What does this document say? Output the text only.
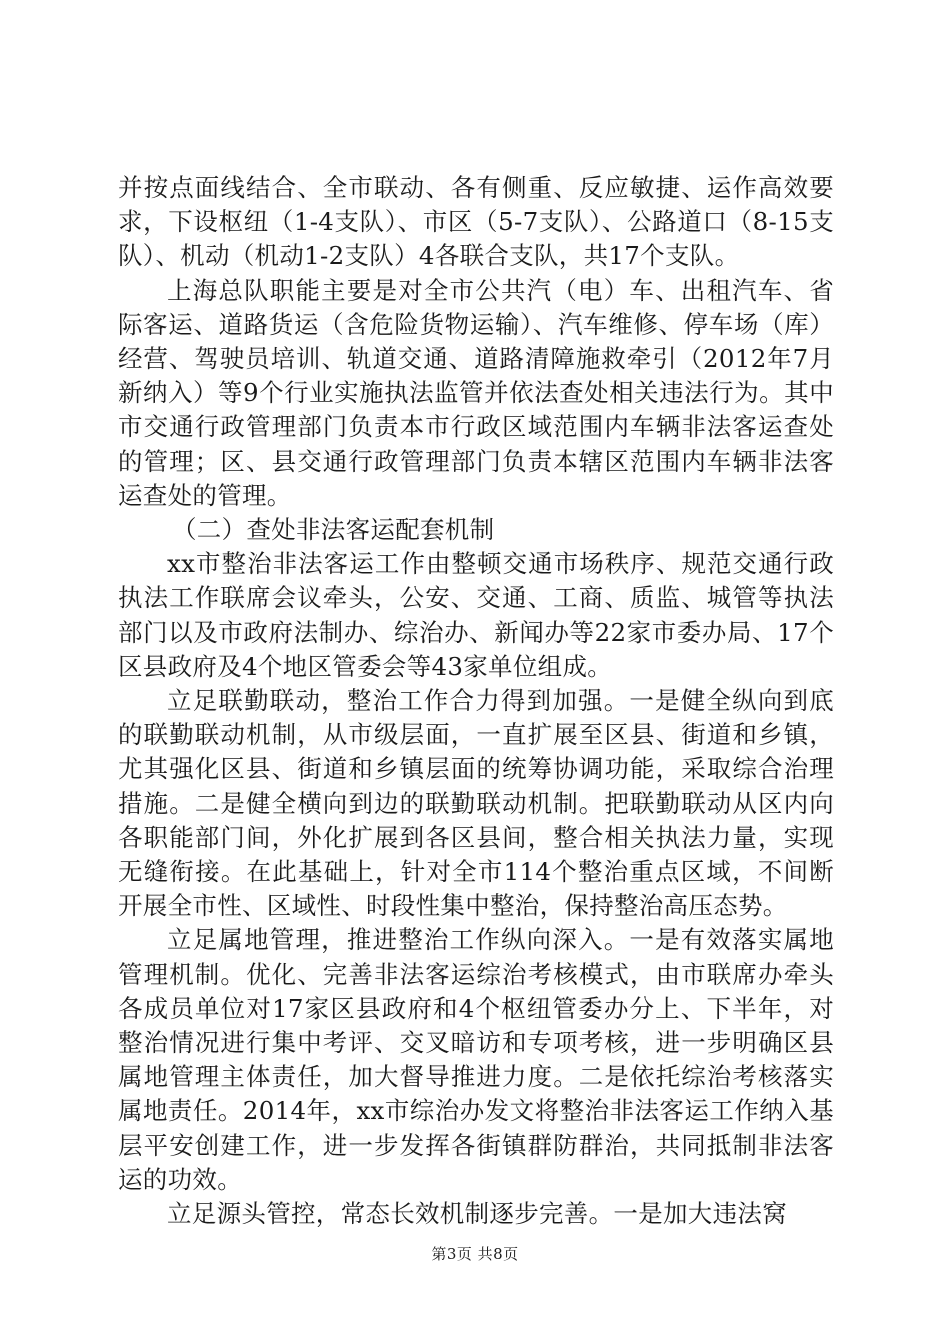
并按点面线结合、全市联动、各有侧重、反应敏捷、运作高效要求，下设枢纽（1-4支队）、市区（5-7支队）、公路道口（8-15支队）、机动（机动1-2支队）4各联合支队，共17个支队。

上海总队职能主要是对全市公共汽（电）车、出租汽车、省际客运、道路货运（含危险货物运输）、汽车维修、停车场（库）经营、驾驶员培训、轨道交通、道路清障施救牵引（2012年7月新纳入）等9个行业实施执法监管并依法查处相关违法行为。其中市交通行政管理部门负责本市行政区域范围内车辆非法客运查处的管理；区、县交通行政管理部门负责本辖区范围内车辆非法客运查处的管理。

（二）查处非法客运配套机制

xx市整治非法客运工作由整顿交通市场秩序、规范交通行政执法工作联席会议牵头，公安、交通、工商、质监、城管等执法部门以及市政府法制办、综治办、新闻办等22家市委办局、17个区县政府及4个地区管委会等43家单位组成。

立足联勤联动，整治工作合力得到加强。一是健全纵向到底的联勤联动机制，从市级层面，一直扩展至区县、街道和乡镇，尤其强化区县、街道和乡镇层面的统筹协调功能，采取综合治理措施。二是健全横向到边的联勤联动机制。把联勤联动从区内向各职能部门间，外化扩展到各区县间，整合相关执法力量，实现无缝衔接。在此基础上，针对全市114个整治重点区域，不间断开展全市性、区域性、时段性集中整治，保持整治高压态势。

立足属地管理，推进整治工作纵向深入。一是有效落实属地管理机制。优化、完善非法客运综治考核模式，由市联席办牵头各成员单位对17家区县政府和4个枢纽管委办分上、下半年，对整治情况进行集中考评、交叉暗访和专项考核，进一步明确区县属地管理主体责任，加大督导推进力度。二是依托综治考核落实属地责任。2014年，xx市综治办发文将整治非法客运工作纳入基层平安创建工作，进一步发挥各街镇群防群治，共同抵制非法客运的功效。

立足源头管控，常态长效机制逐步完善。一是加大违法窝

第3页 共8页
